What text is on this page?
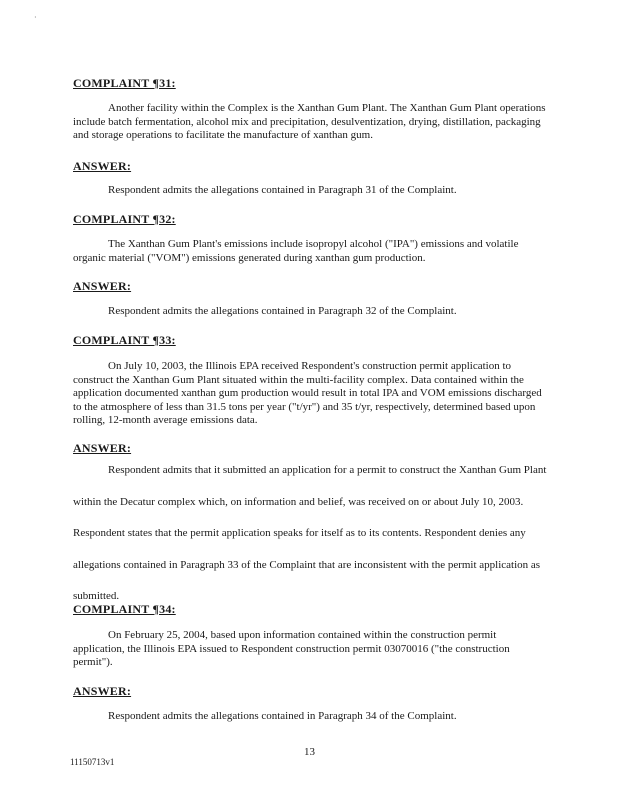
·
COMPLAINT ¶31:

Another facility within the Complex is the Xanthan Gum Plant. The Xanthan Gum Plant operations include batch fermentation, alcohol mix and precipitation, desulventization, drying, distillation, packaging and storage operations to facilitate the manufacture of xanthan gum.

ANSWER:

Respondent admits the allegations contained in Paragraph 31 of the Complaint.

COMPLAINT ¶32:

The Xanthan Gum Plant's emissions include isopropyl alcohol ("IPA") emissions and volatile organic material ("VOM") emissions generated during xanthan gum production.

ANSWER:

Respondent admits the allegations contained in Paragraph 32 of the Complaint.

COMPLAINT ¶33:

On July 10, 2003, the Illinois EPA received Respondent's construction permit application to construct the Xanthan Gum Plant situated within the multi-facility complex. Data contained within the application documented xanthan gum production would result in total IPA and VOM emissions discharged to the atmosphere of less than 31.5 tons per year ("t/yr") and 35 t/yr, respectively, determined based upon rolling, 12-month average emissions data.

ANSWER:

Respondent admits that it submitted an application for a permit to construct the Xanthan Gum Plant within the Decatur complex which, on information and belief, was received on or about July 10, 2003. Respondent states that the permit application speaks for itself as to its contents. Respondent denies any allegations contained in Paragraph 33 of the Complaint that are inconsistent with the permit application as submitted.

COMPLAINT ¶34:

On February 25, 2004, based upon information contained within the construction permit application, the Illinois EPA issued to Respondent construction permit 03070016 ("the construction permit").

ANSWER:

Respondent admits the allegations contained in Paragraph 34 of the Complaint.

13
11150713v1
